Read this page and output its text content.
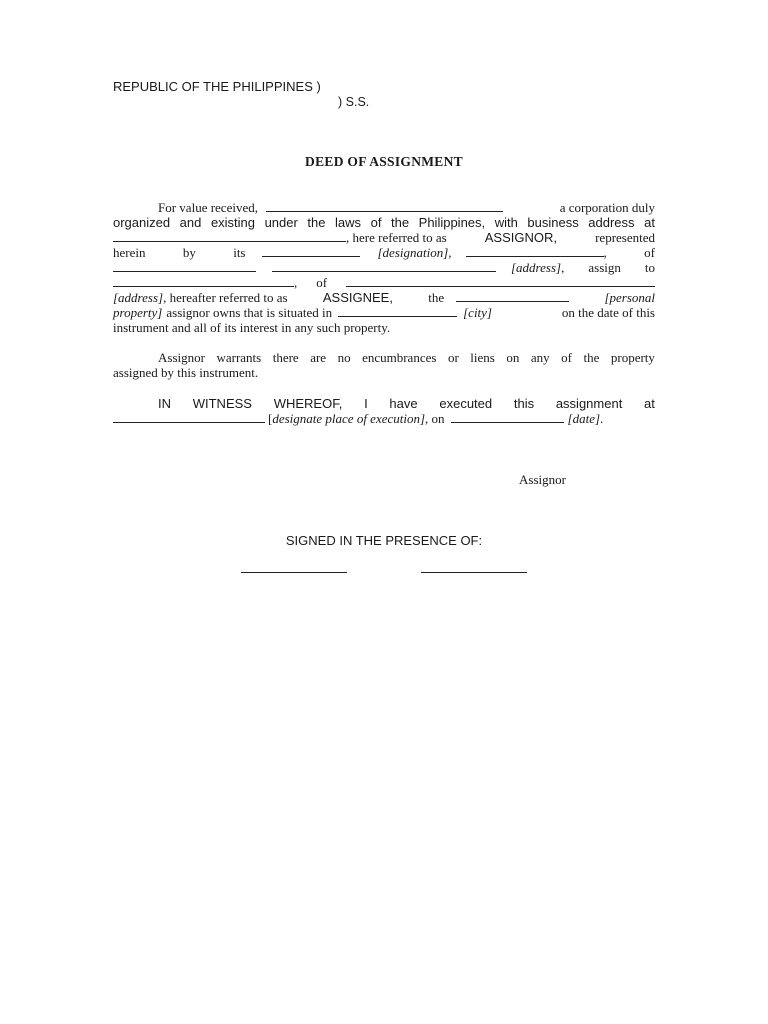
REPUBLIC OF THE PHILIPPINES )
) S.S.
DEED OF ASSIGNMENT
For value received,	a corporation duly
organized and existing under the laws of the Philippines, with business address at
, here referred to as	ASSIGNOR,	represented
herein	by	its	[designation] ,	,	of
[address] , assign to
, of
[address] , hereafter referred to as	ASSIGNEE,	the	[personal
property] assignor owns that is situated in	[city]	on the date of this
instrument and all of its interest in any such property.
Assignor warrants there are no encumbrances or liens on any of the property
assigned by this instrument.
IN WITNESS WHEREOF, I have executed this assignment at
[ designate place of execution] , on	[date] .
Assignor
SIGNED IN THE PRESENCE OF:
